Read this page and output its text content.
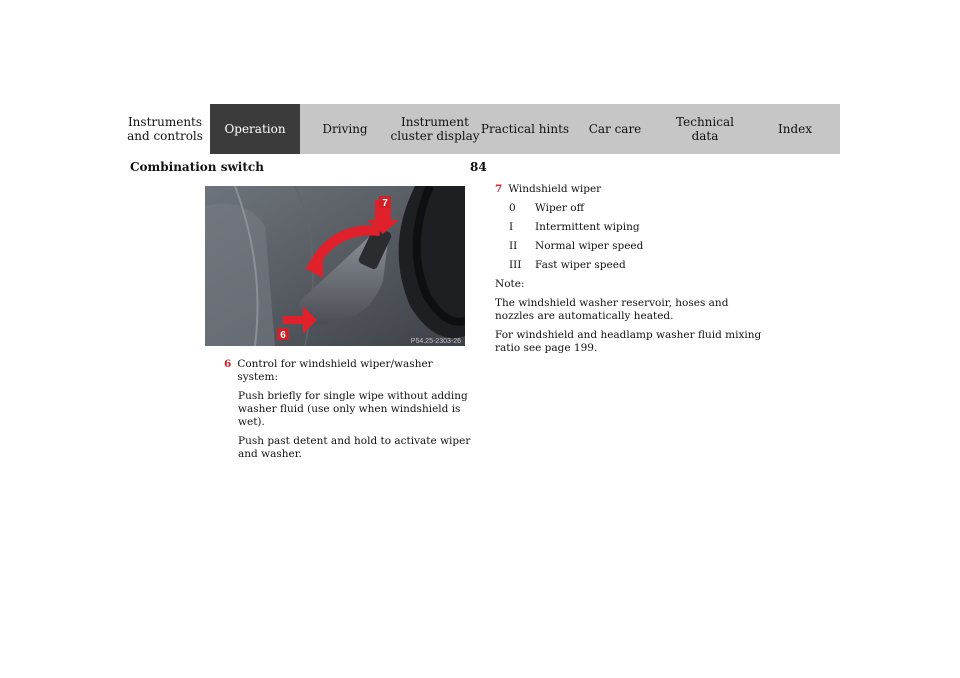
Instruments
and controls	Operation	Driving	Instrument
cluster display Practical hints	Car care	Technical
data	Index
Combination switch	84
7
6
P54.25-2303-26
6 Control for windshield wiper/washer system:
Push briefly for single wipe without adding washer fluid (use only when windshield is wet).
Push past detent and hold to activate wiper and washer.
7 Windshield wiper
0	Wiper off
I	Intermittent wiping
II	Normal wiper speed
III	Fast wiper speed
Note:
The windshield washer reservoir, hoses and nozzles are automatically heated.
For windshield and headlamp washer fluid mixing ratio see page 199.
